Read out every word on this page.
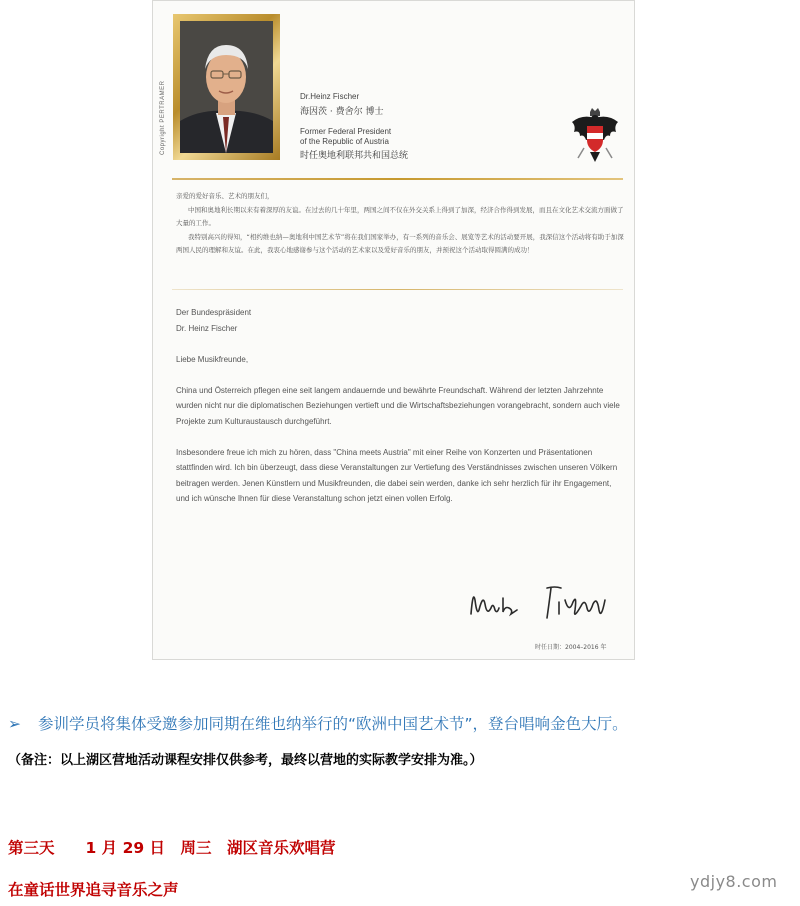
Copyright PERTRAMER	Dr.Heinz Fischer
海因茨 · 费舍尔 博士
Former Federal President
of the Republic of Austria
时任奥地利联邦共和国总统

亲爱的爱好音乐、艺术的朋友们，

中国和奥地利长期以来有着深厚的友谊。在过去的几十年里，两国之间不仅在外交关系上得到了加深，经济合作得到发展，而且在文化艺术交流方面做了大量的工作。

我特别高兴的得知，“相约维也纳—奥地利中国艺术节”将在我们国家举办，有一系列的音乐会、展览等艺术的活动要开展，我深信这个活动将有助于加深两国人民的理解和友谊。在此，我衷心地感谢参与这个活动的艺术家以及爱好音乐的朋友，并预祝这个活动取得圆满的成功！

Der Bundespräsident

Dr. Heinz Fischer

Liebe Musikfreunde,

China und Österreich pflegen eine seit langem andauernde und bewährte Freundschaft. Während der letzten Jahrzehnte wurden nicht nur die diplomatischen Beziehungen vertieft und die Wirtschaftsbeziehungen vorangebracht, sondern auch viele Projekte zum Kulturaustausch durchgeführt.

Insbesondere freue ich mich zu hören, dass "China meets Austria" mit einer Reihe von Konzerten und Präsentationen stattfinden wird. Ich bin überzeugt, dass diese Veranstaltungen zur Vertiefung des Verständnisses zwischen unseren Völkern beitragen werden. Jenen Künstlern und Musikfreunden, die dabei sein werden, danke ich sehr herzlich für ihr Engagement, und ich wünsche Ihnen für diese Veranstaltung schon jetzt einen vollen Erfolg.

时任日期：2004–2016 年
➢ 参训学员将集体受邀参加同期在维也纳举行的“欧洲中国艺术节”，登台唱响金色大厅。
（备注：以上湖区营地活动课程安排仅供参考，最终以营地的实际教学安排为准。）
第三天　　1 月 29 日　周三　湖区音乐欢唱营
在童话世界追寻音乐之声	ydjy8.com
